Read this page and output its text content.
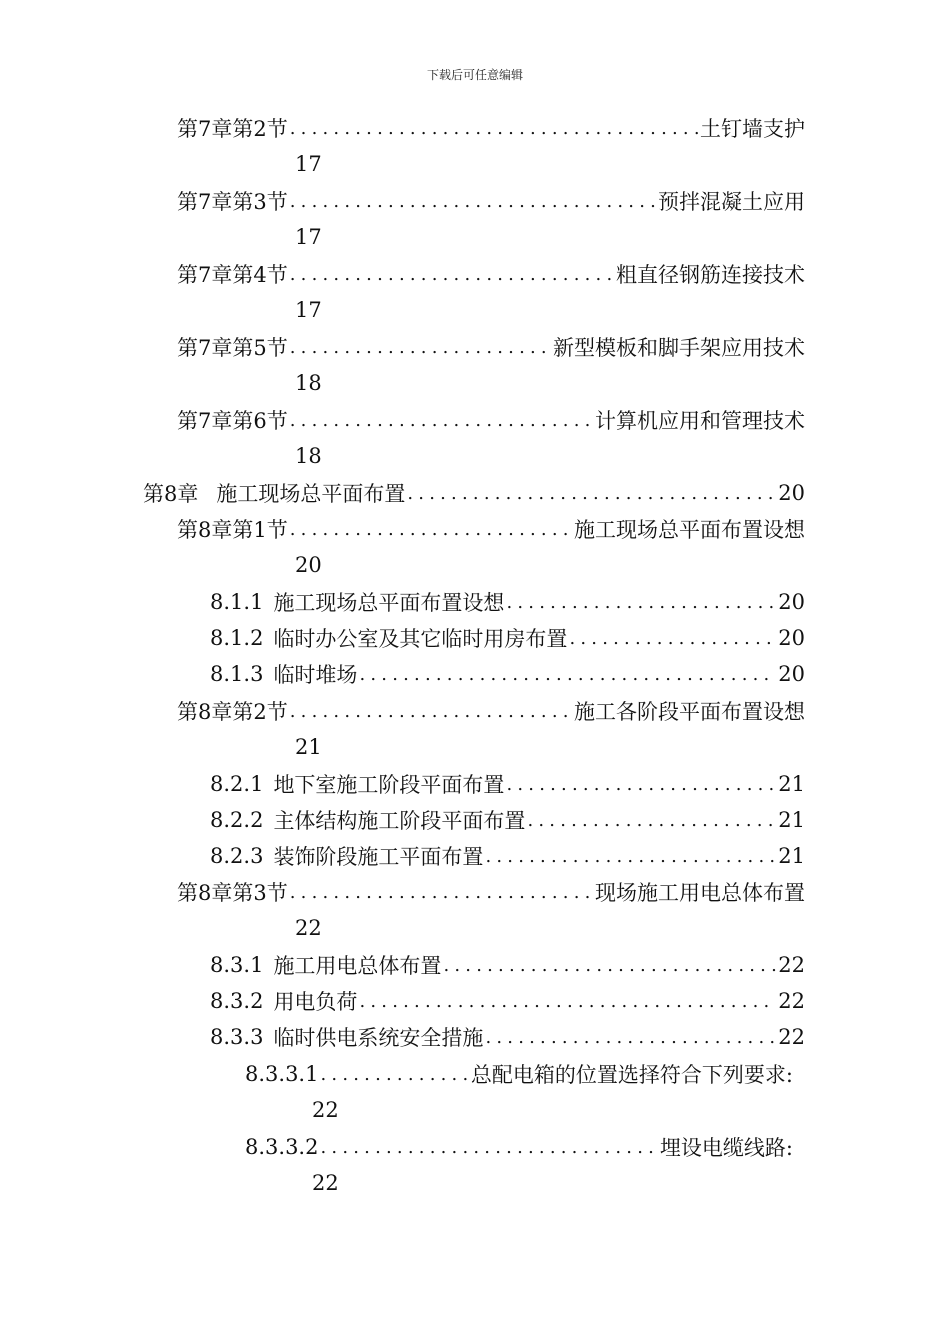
下载后可任意编辑
第7章第2节 .....	土钉墙支护
17
第7章第3节 .....	预拌混凝土应用
17
第7章第4节 .....	粗直径钢筋连接技术
17
第7章第5节 .....	新型模板和脚手架应用技术
18
第7章第6节 .....	计算机应用和管理技术
18
第8章 施工现场总平面布置 .....	20
第8章第1节 .....	施工现场总平面布置设想
20
8.1.1 施工现场总平面布置设想 .....	20
8.1.2 临时办公室及其它临时用房布置 .....	20
8.1.3 临时堆场 .....	20
第8章第2节 .....	施工各阶段平面布置设想
21
8.2.1 地下室施工阶段平面布置 .....	21
8.2.2 主体结构施工阶段平面布置 .....	21
8.2.3 装饰阶段施工平面布置 .....	21
第8章第3节 .....	现场施工用电总体布置
22
8.3.1 施工用电总体布置 .....	22
8.3.2 用电负荷 .....	22
8.3.3 临时供电系统安全措施 .....	22
8.3.3.1 .....	总配电箱的位置选择符合下列要求:
22
8.3.3.2 .....	埋设电缆线路:
22
